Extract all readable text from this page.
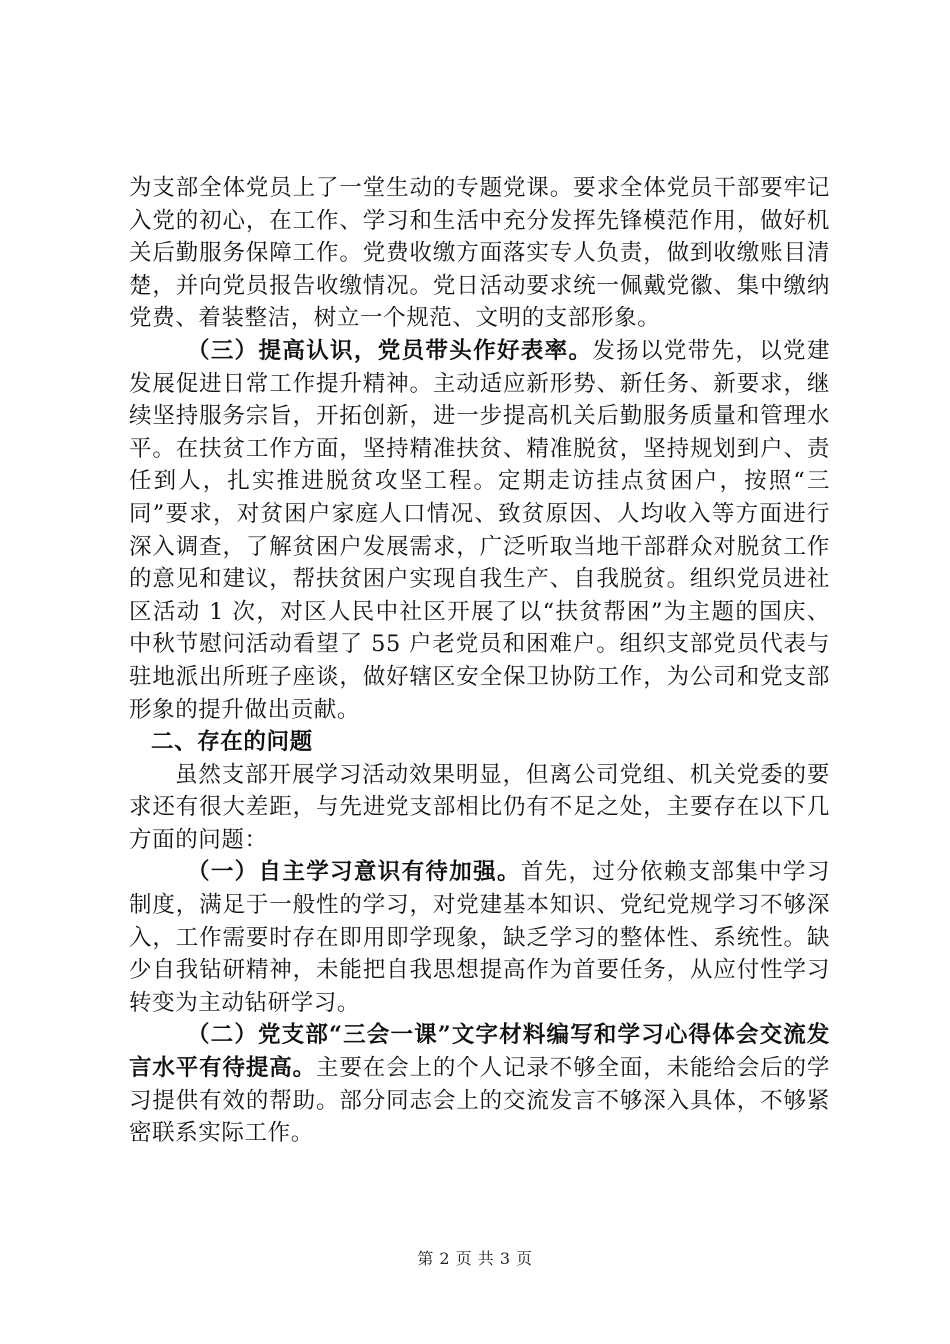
为支部全体党员上了一堂生动的专题党课。要求全体党员干部要牢记入党的初心，在工作、学习和生活中充分发挥先锋模范作用，做好机关后勤服务保障工作。党费收缴方面落实专人负责，做到收缴账目清楚，并向党员报告收缴情况。党日活动要求统一佩戴党徽、集中缴纳党费、着装整洁，树立一个规范、文明的支部形象。

（三）提高认识，党员带头作好表率。发扬以党带先，以党建发展促进日常工作提升精神。主动适应新形势、新任务、新要求，继续坚持服务宗旨，开拓创新，进一步提高机关后勤服务质量和管理水平。在扶贫工作方面，坚持精准扶贫、精准脱贫，坚持规划到户、责任到人，扎实推进脱贫攻坚工程。定期走访挂点贫困户，按照“三同”要求，对贫困户家庭人口情况、致贫原因、人均收入等方面进行深入调查，了解贫困户发展需求，广泛听取当地干部群众对脱贫工作的意见和建议，帮扶贫困户实现自我生产、自我脱贫。组织党员进社区活动 1 次，对区人民中社区开展了以“扶贫帮困”为主题的国庆、中秋节慰问活动看望了 55 户老党员和困难户。组织支部党员代表与驻地派出所班子座谈，做好辖区安全保卫协防工作，为公司和党支部形象的提升做出贡献。

二、存在的问题

虽然支部开展学习活动效果明显，但离公司党组、机关党委的要求还有很大差距，与先进党支部相比仍有不足之处，主要存在以下几方面的问题：

（一）自主学习意识有待加强。首先，过分依赖支部集中学习制度，满足于一般性的学习，对党建基本知识、党纪党规学习不够深入，工作需要时存在即用即学现象，缺乏学习的整体性、系统性。缺少自我钻研精神，未能把自我思想提高作为首要任务，从应付性学习转变为主动钻研学习。

（二）党支部“三会一课”文字材料编写和学习心得体会交流发言水平有待提高。主要在会上的个人记录不够全面，未能给会后的学习提供有效的帮助。部分同志会上的交流发言不够深入具体，不够紧密联系实际工作。

第 2 页 共 3 页
